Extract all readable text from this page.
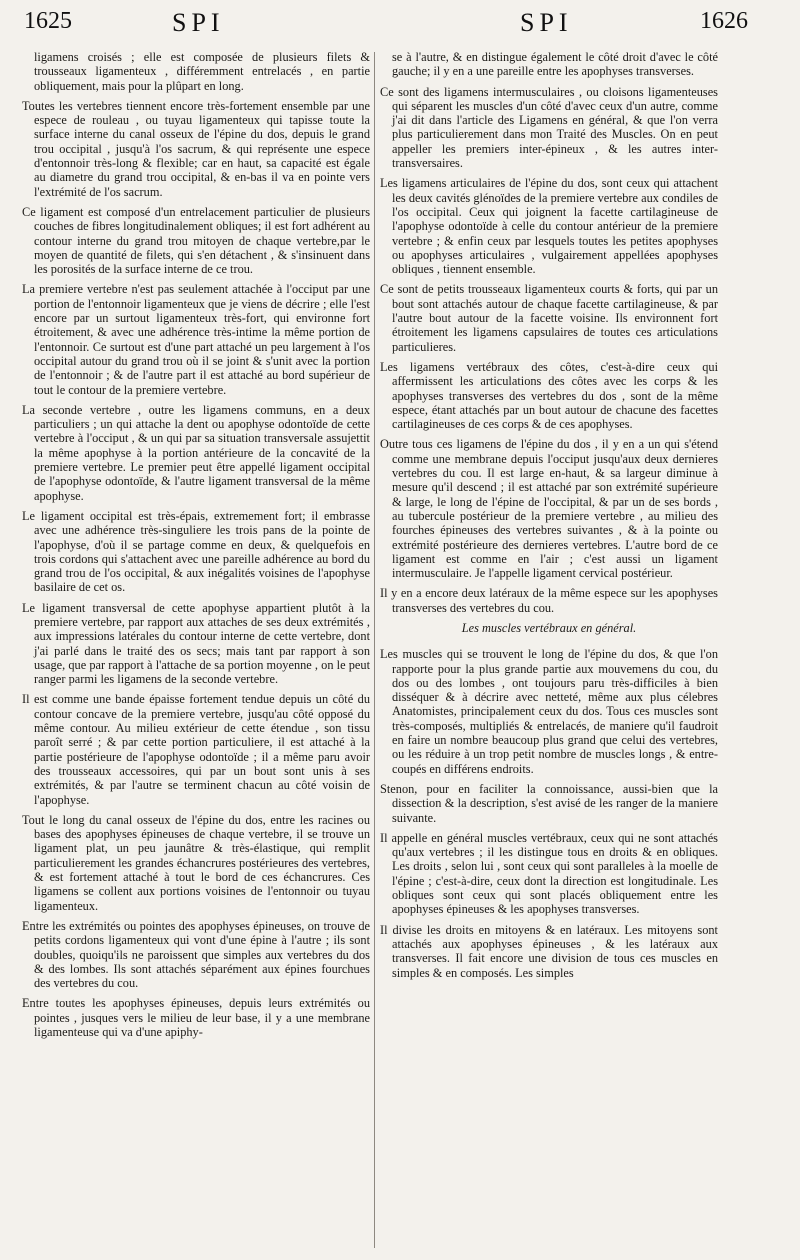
1625	SPI	SPI	1626

ligamens croisés ; elle est composée de plusieurs filets & trousseaux ligamenteux , différemment entrelacés , en partie obliquement, mais pour la plûpart en long.

Toutes les vertebres tiennent encore très-fortement ensemble par une espece de rouleau , ou tuyau ligamenteux qui tapisse toute la surface interne du canal osseux de l'épine du dos, depuis le grand trou occipital , jusqu'à l'os sacrum, & qui représente une espece d'entonnoir très-long & flexible; car en haut, sa capacité est égale au diametre du grand trou occipital, & en-bas il va en pointe vers l'extrémité de l'os sacrum.

Ce ligament est composé d'un entrelacement particulier de plusieurs couches de fibres longitudinalement obliques; il est fort adhérent au contour interne du grand trou mitoyen de chaque vertebre,par le moyen de quantité de filets, qui s'en détachent , & s'insinuent dans les porosités de la surface interne de ce trou.

La premiere vertebre n'est pas seulement attachée à l'occiput par une portion de l'entonnoir ligamenteux que je viens de décrire ; elle l'est encore par un surtout ligamenteux très-fort, qui environne fort étroitement, & avec une adhérence très-intime la même portion de l'entonnoir. Ce surtout est d'une part attaché un peu largement à l'os occipital autour du grand trou où il se joint & s'unit avec la portion de l'entonnoir ; & de l'autre part il est attaché au bord supérieur de tout le contour de la premiere vertebre.

La seconde vertebre , outre les ligamens communs, en a deux particuliers ; un qui attache la dent ou apophyse odontoïde de cette vertebre à l'occiput , & un qui par sa situation transversale assujettit la même apophyse à la portion antérieure de la concavité de la premiere vertebre. Le premier peut être appellé ligament occipital de l'apophyse odontoïde, & l'autre ligament transversal de la même apophyse.

Le ligament occipital est très-épais, extremement fort; il embrasse avec une adhérence très-singuliere les trois pans de la pointe de l'apophyse, d'où il se partage comme en deux, & quelquefois en trois cordons qui s'attachent avec une pareille adhérence au bord du grand trou de l'os occipital, & aux inégalités voisines de l'apophyse basilaire de cet os.

Le ligament transversal de cette apophyse appartient plutôt à la premiere vertebre, par rapport aux attaches de ses deux extrémités , aux impressions latérales du contour interne de cette vertebre, dont j'ai parlé dans le traité des os secs; mais tant par rapport à son usage, que par rapport à l'attache de sa portion moyenne , on le peut ranger parmi les ligamens de la seconde vertebre.

Il est comme une bande épaisse fortement tendue depuis un côté du contour concave de la premiere vertebre, jusqu'au côté opposé du même contour. Au milieu extérieur de cette étendue , son tissu paroît serré ; & par cette portion particuliere, il est attaché à la partie postérieure de l'apophyse odontoïde ; il a même paru avoir des trousseaux accessoires, qui par un bout sont unis à ses extrémités, & par l'autre se terminent chacun au côté voisin de l'apophyse.

Tout le long du canal osseux de l'épine du dos, entre les racines ou bases des apophyses épineuses de chaque vertebre, il se trouve un ligament plat, un peu jaunâtre & très-élastique, qui remplit particulierement les grandes échancrures postérieures des vertebres, & est fortement attaché à tout le bord de ces échancrures. Ces ligamens se collent aux portions voisines de l'entonnoir ou tuyau ligamenteux.

Entre les extrémités ou pointes des apophyses épineuses, on trouve de petits cordons ligamenteux qui vont d'une épine à l'autre ; ils sont doubles, quoiqu'ils ne paroissent que simples aux vertebres du dos & des lombes. Ils sont attachés séparément aux épines fourchues des vertebres du cou.

Entre toutes les apophyses épineuses, depuis leurs extrémités ou pointes , jusques vers le milieu de leur base, il y a une membrane ligamenteuse qui va d'une apiphy-

se à l'autre, & en distingue également le côté droit d'avec le côté gauche; il y en a une pareille entre les apophyses transverses.

Ce sont des ligamens intermusculaires , ou cloisons ligamenteuses qui séparent les muscles d'un côté d'avec ceux d'un autre, comme j'ai dit dans l'article des Ligamens en général, & que l'on verra plus particulierement dans mon Traité des Muscles. On en peut appeller les premiers inter-épineux , & les autres inter-transversaires.

Les ligamens articulaires de l'épine du dos, sont ceux qui attachent les deux cavités glénoïdes de la premiere vertebre aux condiles de l'os occipital. Ceux qui joignent la facette cartilagineuse de l'apophyse odontoïde à celle du contour antérieur de la premiere vertebre ; & enfin ceux par lesquels toutes les petites apophyses ou apophyses articulaires , vulgairement appellées apophyses obliques , tiennent ensemble.

Ce sont de petits trousseaux ligamenteux courts & forts, qui par un bout sont attachés autour de chaque facette cartilagineuse, & par l'autre bout autour de la facette voisine. Ils environnent fort étroitement les ligamens capsulaires de toutes ces articulations particulieres.

Les ligamens vertébraux des côtes, c'est-à-dire ceux qui affermissent les articulations des côtes avec les corps & les apophyses transverses des vertebres du dos , sont de la même espece, étant attachés par un bout autour de chacune des facettes cartilagineuses de ces corps & de ces apophyses.

Outre tous ces ligamens de l'épine du dos , il y en a un qui s'étend comme une membrane depuis l'occiput jusqu'aux deux dernieres vertebres du cou. Il est large en-haut, & sa largeur diminue à mesure qu'il descend ; il est attaché par son extrémité supérieure & large, le long de l'épine de l'occipital, & par un de ses bords , au tubercule postérieur de la premiere vertebre , au milieu des fourches épineuses des vertebres suivantes , & à la pointe ou extrémité postérieure des dernieres vertebres. L'autre bord de ce ligament est comme en l'air ; c'est aussi un ligament intermusculaire. Je l'appelle ligament cervical postérieur.

Il y en a encore deux latéraux de la même espece sur les apophyses transverses des vertebres du cou.

Les muscles vertébraux en général.

Les muscles qui se trouvent le long de l'épine du dos, & que l'on rapporte pour la plus grande partie aux mouvemens du cou, du dos ou des lombes , ont toujours paru très-difficiles à bien disséquer & à décrire avec netteté, même aux plus célebres Anatomistes, principalement ceux du dos. Tous ces muscles sont très-composés, multipliés & entrelacés, de maniere qu'il faudroit en faire un nombre beaucoup plus grand que celui des vertebres, ou les réduire à un trop petit nombre de muscles longs , & entre-coupés en différens endroits.

Stenon, pour en faciliter la connoissance, aussi-bien que la dissection & la description, s'est avisé de les ranger de la maniere suivante.

Il appelle en général muscles vertébraux, ceux qui ne sont attachés qu'aux vertebres ; il les distingue tous en droits & en obliques. Les droits , selon lui , sont ceux qui sont paralleles à la moelle de l'épine ; c'est-à-dire, ceux dont la direction est longitudinale. Les obliques sont ceux qui sont placés obliquement entre les apophyses épineuses & les apophyses transverses.

Il divise les droits en mitoyens & en latéraux. Les mitoyens sont attachés aux apophyses épineuses , & les latéraux aux transverses. Il fait encore une division de tous ces muscles en simples & en composés. Les simples
